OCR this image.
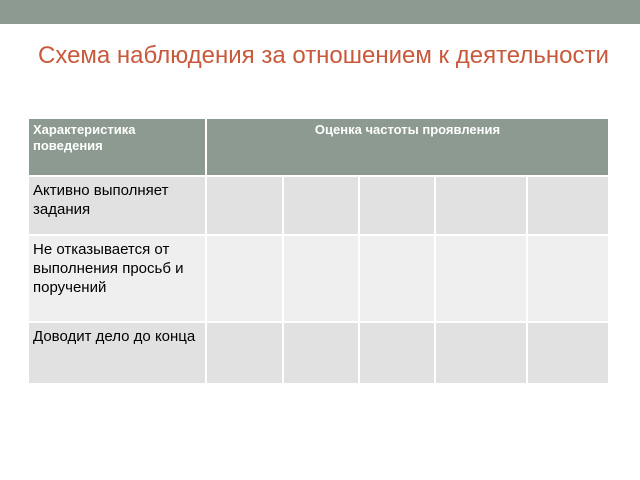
Схема наблюдения за отношением к деятельности
Характеристика поведения	Оценка частоты проявления				
Активно выполняет задания					
Не отказывается от выполнения просьб и поручений					
Доводит дело до конца					
